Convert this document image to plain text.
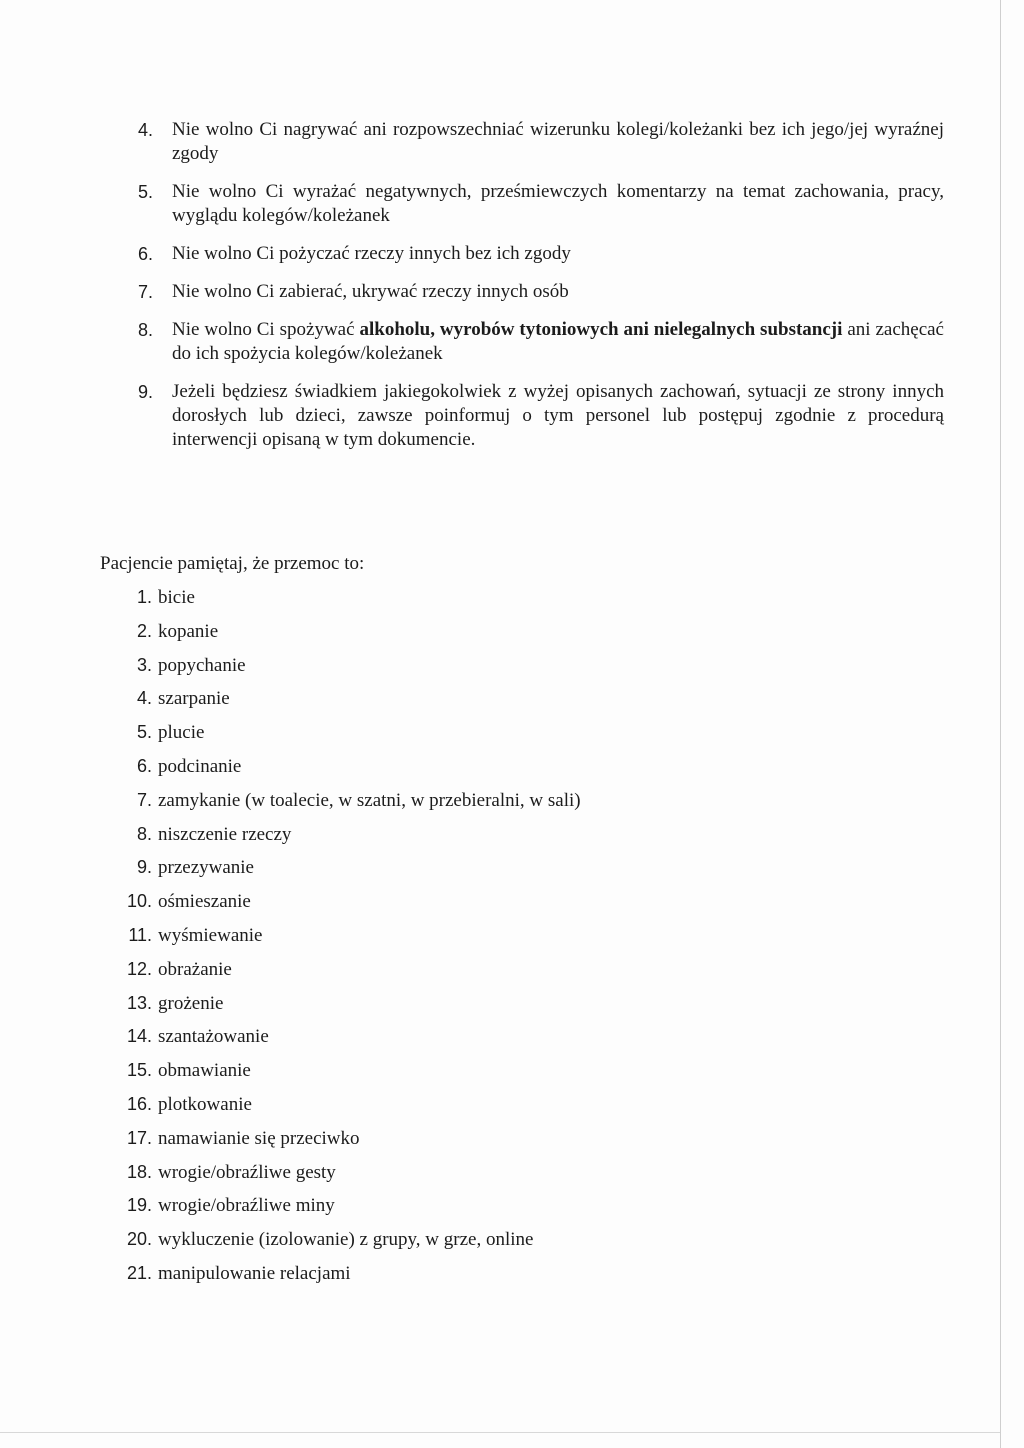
4. Nie wolno Ci nagrywać ani rozpowszechniać wizerunku kolegi/koleżanki bez ich jego/jej wyraźnej zgody
5. Nie wolno Ci wyrażać negatywnych, prześmiewczych komentarzy na temat zachowania, pracy, wyglądu kolegów/koleżanek
6. Nie wolno Ci pożyczać rzeczy innych bez ich zgody
7. Nie wolno Ci zabierać, ukrywać rzeczy innych osób
8. Nie wolno Ci spożywać alkoholu, wyrobów tytoniowych ani nielegalnych substancji ani zachęcać do ich spożycia kolegów/koleżanek
9. Jeżeli będziesz świadkiem jakiegokolwiek z wyżej opisanych zachowań, sytuacji ze strony innych dorosłych lub dzieci, zawsze poinformuj o tym personel lub postępuj zgodnie z procedurą interwencji opisaną w tym dokumencie.
Pacjencie pamiętaj, że przemoc to:
1. bicie
2. kopanie
3. popychanie
4. szarpanie
5. plucie
6. podcinanie
7. zamykanie (w toalecie, w szatni, w przebieralni, w sali)
8. niszczenie rzeczy
9. przezywanie
10. ośmieszanie
11. wyśmiewanie
12. obrażanie
13. grożenie
14. szantażowanie
15. obmawianie
16. plotkowanie
17. namawianie się przeciwko
18. wrogie/obraźliwe gesty
19. wrogie/obraźliwe miny
20. wykluczenie (izolowanie) z grupy, w grze, online
21. manipulowanie relacjami
